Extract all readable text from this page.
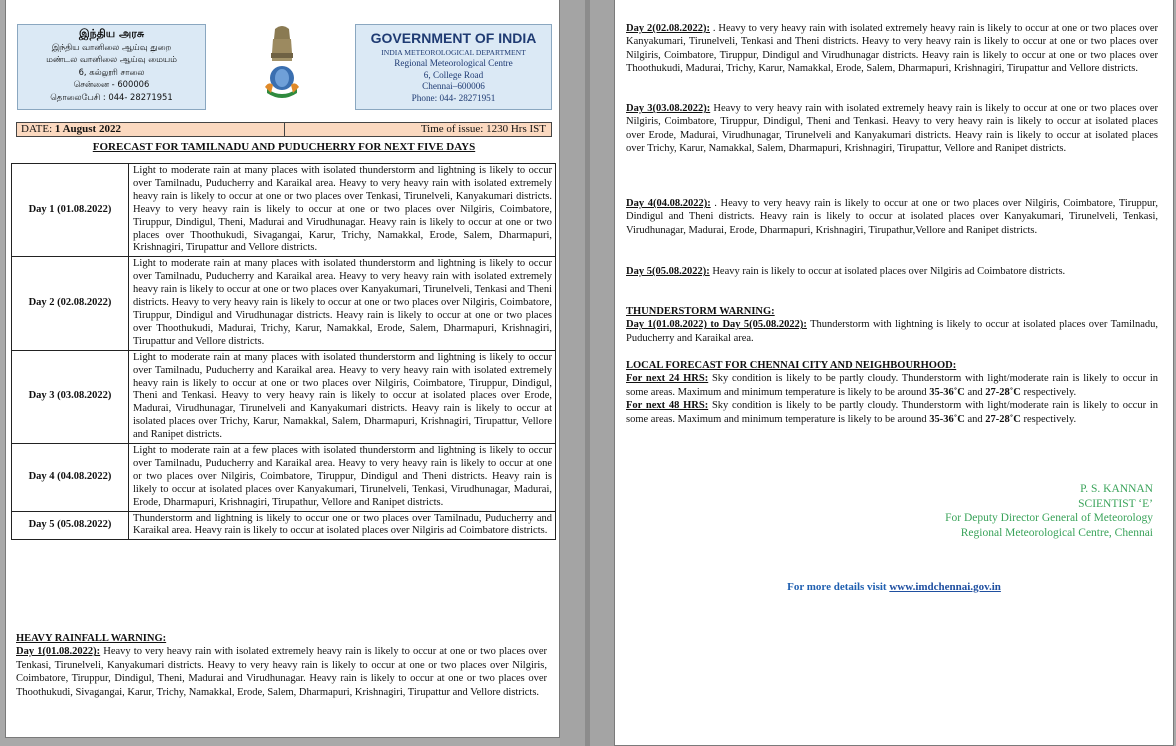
இந்திய அரசு
இந்திய வானிலை ஆய்வு துறை
மண்டல வானிலை ஆய்வு மையம்
6, கல்லூரி சாலை
சென்னை - 600006
தொலைபேசி : 044- 28271951
GOVERNMENT OF INDIA
INDIA METEOROLOGICAL DEPARTMENT
Regional Meteorological Centre
6, College Road
Chennai–600006
Phone: 044- 28271951
DATE: 1 August 2022	Time of issue: 1230 Hrs IST
FORECAST FOR TAMILNADU AND PUDUCHERRY FOR NEXT FIVE DAYS
Day 1 (01.08.2022)	Light to moderate rain at many places with isolated thunderstorm and lightning is likely to occur over Tamilnadu, Puducherry and Karaikal area. Heavy to very heavy rain with isolated extremely heavy rain is likely to occur at one or two places over Tenkasi, Tirunelveli, Kanyakumari districts. Heavy to very heavy rain is likely to occur at one or two places over Nilgiris, Coimbatore, Tiruppur, Dindigul, Theni, Madurai and Virudhunagar. Heavy rain is likely to occur at one or two places over Thoothukudi, Sivagangai, Karur, Trichy, Namakkal, Erode, Salem, Dharmapuri, Krishnagiri, Tirupattur and Vellore districts.
Day 2 (02.08.2022)	Light to moderate rain at many places with isolated thunderstorm and lightning is likely to occur over Tamilnadu, Puducherry and Karaikal area. Heavy to very heavy rain with isolated extremely heavy rain is likely to occur at one or two places over Kanyakumari, Tirunelveli, Tenkasi and Theni districts. Heavy to very heavy rain is likely to occur at one or two places over Nilgiris, Coimbatore, Tiruppur, Dindigul and Virudhunagar districts. Heavy rain is likely to occur at one or two places over Thoothukudi, Madurai, Trichy, Karur, Namakkal, Erode, Salem, Dharmapuri, Krishnagiri, Tirupattur and Vellore districts.
Day 3 (03.08.2022)	Light to moderate rain at many places with isolated thunderstorm and lightning is likely to occur over Tamilnadu, Puducherry and Karaikal area. Heavy to very heavy rain with isolated extremely heavy rain is likely to occur at one or two places over Nilgiris, Coimbatore, Tiruppur, Dindigul, Theni and Tenkasi. Heavy to very heavy rain is likely to occur at isolated places over Erode, Madurai, Virudhunagar, Tirunelveli and Kanyakumari districts. Heavy rain is likely to occur at isolated places over Trichy, Karur, Namakkal, Salem, Dharmapuri, Krishnagiri, Tirupattur, Vellore and Ranipet districts.
Day 4 (04.08.2022)	Light to moderate rain at a few places with isolated thunderstorm and lightning is likely to occur over Tamilnadu, Puducherry and Karaikal area. Heavy to very heavy rain is likely to occur at one or two places over Nilgiris, Coimbatore, Tiruppur, Dindigul and Theni districts. Heavy rain is likely to occur at isolated places over Kanyakumari, Tirunelveli, Tenkasi, Virudhunagar, Madurai, Erode, Dharmapuri, Krishnagiri, Tirupathur, Vellore and Ranipet districts.
Day 5 (05.08.2022)	Thunderstorm and lightning is likely to occur one or two places over Tamilnadu, Puducherry and Karaikal area. Heavy rain is likely to occur at isolated places over Nilgiris ad Coimbatore districts.
HEAVY RAINFALL WARNING:
Day 1(01.08.2022): Heavy to very heavy rain with isolated extremely heavy rain is likely to occur at one or two places over Tenkasi, Tirunelveli, Kanyakumari districts. Heavy to very heavy rain is likely to occur at one or two places over Nilgiris, Coimbatore, Tiruppur, Dindigul, Theni, Madurai and Virudhunagar. Heavy rain is likely to occur at one or two places over Thoothukudi, Sivagangai, Karur, Trichy, Namakkal, Erode, Salem, Dharmapuri, Krishnagiri, Tirupattur and Vellore districts.
Day 2(02.08.2022): . Heavy to very heavy rain with isolated extremely heavy rain is likely to occur at one or two places over Kanyakumari, Tirunelveli, Tenkasi and Theni districts. Heavy to very heavy rain is likely to occur at one or two places over Nilgiris, Coimbatore, Tiruppur, Dindigul and Virudhunagar districts. Heavy rain is likely to occur at one or two places over Thoothukudi, Madurai, Trichy, Karur, Namakkal, Erode, Salem, Dharmapuri, Krishnagiri, Tirupattur and Vellore districts.
Day 3(03.08.2022): Heavy to very heavy rain with isolated extremely heavy rain is likely to occur at one or two places over Nilgiris, Coimbatore, Tiruppur, Dindigul, Theni and Tenkasi. Heavy to very heavy rain is likely to occur at isolated places over Erode, Madurai, Virudhunagar, Tirunelveli and Kanyakumari districts. Heavy rain is likely to occur at isolated places over Trichy, Karur, Namakkal, Salem, Dharmapuri, Krishnagiri, Tirupattur, Vellore and Ranipet districts.
Day 4(04.08.2022): . Heavy to very heavy rain is likely to occur at one or two places over Nilgiris, Coimbatore, Tiruppur, Dindigul and Theni districts. Heavy rain is likely to occur at isolated places over Kanyakumari, Tirunelveli, Tenkasi, Virudhunagar, Madurai, Erode, Dharmapuri, Krishnagiri, Tirupathur,Vellore and Ranipet districts.
Day 5(05.08.2022): Heavy rain is likely to occur at isolated places over Nilgiris ad Coimbatore districts.
THUNDERSTORM WARNING:
Day 1(01.08.2022) to Day 5(05.08.2022): Thunderstorm with lightning is likely to occur at isolated places over Tamilnadu, Puducherry and Karaikal area.
LOCAL FORECAST FOR CHENNAI CITY AND NEIGHBOURHOOD:
For next 24 HRS: Sky condition is likely to be partly cloudy. Thunderstorm with light/moderate rain is likely to occur in some areas. Maximum and minimum temperature is likely to be around 35-36˚C and 27-28˚C respectively.
For next 48 HRS: Sky condition is likely to be partly cloudy. Thunderstorm with light/moderate rain is likely to occur in some areas. Maximum and minimum temperature is likely to be around 35-36˚C and 27-28˚C respectively.
P. S. KANNAN
SCIENTIST ‘E’
For Deputy Director General of Meteorology
Regional Meteorological Centre, Chennai
For more details visit www.imdchennai.gov.in
